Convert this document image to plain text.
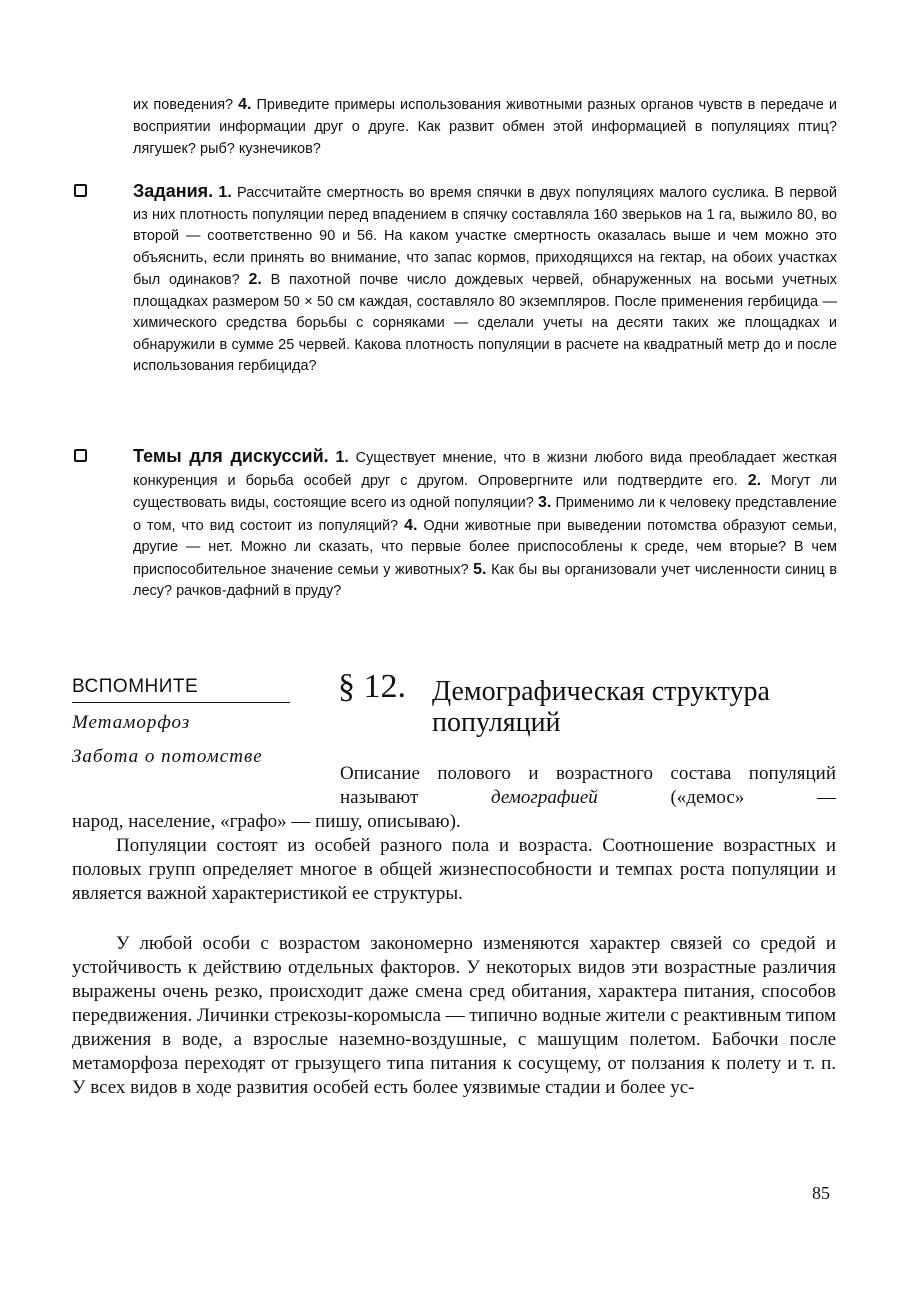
их поведения? 4. Приведите примеры использования животными разных органов чувств в передаче и восприятии информации друг о друге. Как развит обмен этой информацией в популяциях птиц? лягушек? рыб? кузнечиков?
Задания. 1. Рассчитайте смертность во время спячки в двух популяциях малого суслика. В первой из них плотность популяции перед впадением в спячку составляла 160 зверьков на 1 га, выжило 80, во второй — соответственно 90 и 56. На каком участке смертность оказалась выше и чем можно это объяснить, если принять во внимание, что запас кормов, приходящихся на гектар, на обоих участках был одинаков? 2. В пахотной почве число дождевых червей, обнаруженных на восьми учетных площадках размером 50 × 50 см каждая, составляло 80 экземпляров. После применения гербицида — химического средства борьбы с сорняками — сделали учеты на десяти таких же площадках и обнаружили в сумме 25 червей. Какова плотность популяции в расчете на квадратный метр до и после использования гербицида?
Темы для дискуссий. 1. Существует мнение, что в жизни любого вида преобладает жесткая конкуренция и борьба особей друг с другом. Опровергните или подтвердите его. 2. Могут ли существовать виды, состоящие всего из одной популяции? 3. Применимо ли к человеку представление о том, что вид состоит из популяций? 4. Одни животные при выведении потомства образуют семьи, другие — нет. Можно ли сказать, что первые более приспособлены к среде, чем вторые? В чем приспособительное значение семьи у животных? 5. Как бы вы организовали учет численности синиц в лесу? рачков-дафний в пруду?
ВСПОМНИТЕ
Метаморфоз
Забота о потомстве
§ 12. Демографическая структура популяций
Описание полового и возрастного состава популяций называют демографией («демос» —
народ, население, «графо» — пишу, описываю).
Популяции состоят из особей разного пола и возраста. Соотношение возрастных и половых групп определяет многое в общей жизнеспособности и темпах роста популяции и является важной характеристикой ее структуры.
У любой особи с возрастом закономерно изменяются характер связей со средой и устойчивость к действию отдельных факторов. У некоторых видов эти возрастные различия выражены очень резко, происходит даже смена сред обитания, характера питания, способов передвижения. Личинки стрекозы-коромысла — типично водные жители с реактивным типом движения в воде, а взрослые наземно-воздушные, с машущим полетом. Бабочки после метаморфоза переходят от грызущего типа питания к сосущему, от ползания к полету и т. п. У всех видов в ходе развития особей есть более уязвимые стадии и более ус-
85
